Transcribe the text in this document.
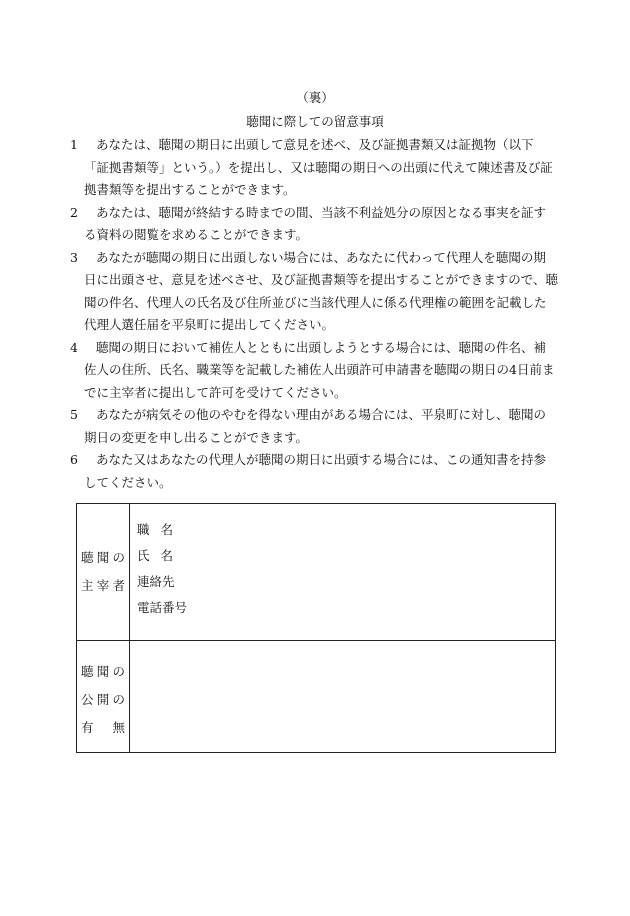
（裏）
聴聞に際しての留意事項
1	あなたは、聴聞の期日に出頭して意見を述べ、及び証拠書類又は証拠物（以下「証拠書類等」という。）を提出し、又は聴聞の期日への出頭に代えて陳述書及び証拠書類等を提出することができます。
2	あなたは、聴聞が終結する時までの間、当該不利益処分の原因となる事実を証する資料の閲覧を求めることができます。
3	あなたが聴聞の期日に出頭しない場合には、あなたに代わって代理人を聴聞の期日に出頭させ、意見を述べさせ、及び証拠書類等を提出することができますので、聴聞の件名、代理人の氏名及び住所並びに当該代理人に係る代理権の範囲を記載した代理人選任届を平泉町に提出してください。
4	聴聞の期日において補佐人とともに出頭しようとする場合には、聴聞の件名、補佐人の住所、氏名、職業等を記載した補佐人出頭許可申請書を聴聞の期日の4日前までに主宰者に提出して許可を受けてください。
5	あなたが病気その他のやむを得ない理由がある場合には、平泉町に対し、聴聞の期日の変更を申し出ることができます。
6	あなた又はあなたの代理人が聴聞の期日に出頭する場合には、この通知書を持参してください。
聴聞の
主宰者	職名
氏名
連絡先
電話番号

聴聞の
公開の
有無	
